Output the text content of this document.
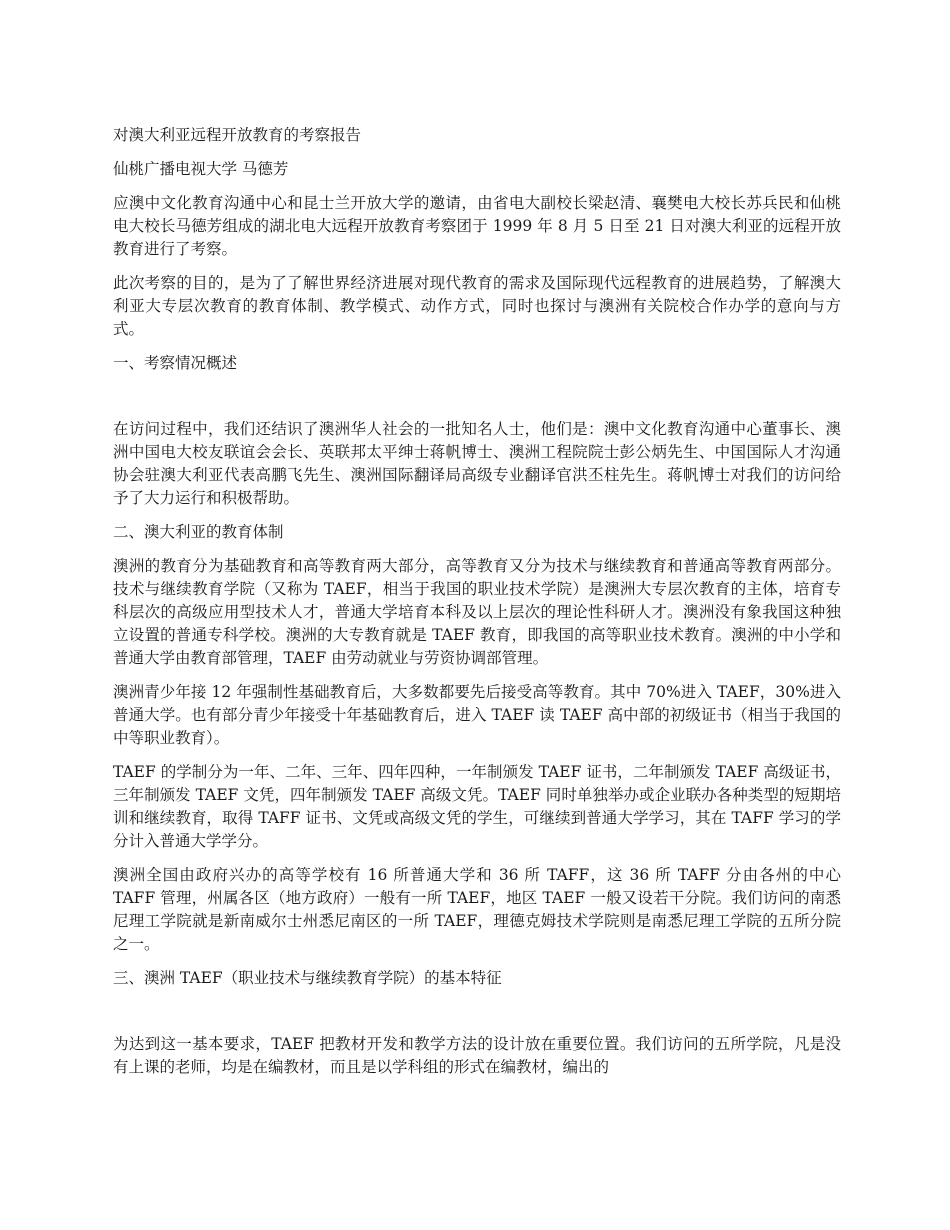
对澳大利亚远程开放教育的考察报告

仙桃广播电视大学 马德芳

应澳中文化教育沟通中心和昆士兰开放大学的邀请，由省电大副校长梁赵清、襄樊电大校长苏兵民和仙桃电大校长马德芳组成的湖北电大远程开放教育考察团于 1999 年 8 月 5 日至 21 日对澳大利亚的远程开放教育进行了考察。

此次考察的目的，是为了了解世界经济进展对现代教育的需求及国际现代远程教育的进展趋势，了解澳大利亚大专层次教育的教育体制、教学模式、动作方式，同时也探讨与澳洲有关院校合作办学的意向与方式。

一、考察情况概述

在访问过程中，我们还结识了澳洲华人社会的一批知名人士，他们是：澳中文化教育沟通中心董事长、澳洲中国电大校友联谊会会长、英联邦太平绅士蒋帆博士、澳洲工程院院士彭公炳先生、中国国际人才沟通协会驻澳大利亚代表高鹏飞先生、澳洲国际翻译局高级专业翻译官洪丕柱先生。蒋帆博士对我们的访问给予了大力运行和积极帮助。

二、澳大利亚的教育体制

澳洲的教育分为基础教育和高等教育两大部分，高等教育又分为技术与继续教育和普通高等教育两部分。技术与继续教育学院（又称为 TAEF，相当于我国的职业技术学院）是澳洲大专层次教育的主体，培育专科层次的高级应用型技术人才，普通大学培育本科及以上层次的理论性科研人才。澳洲没有象我国这种独立设置的普通专科学校。澳洲的大专教育就是 TAEF 教育，即我国的高等职业技术教育。澳洲的中小学和普通大学由教育部管理，TAEF 由劳动就业与劳资协调部管理。

澳洲青少年接 12 年强制性基础教育后，大多数都要先后接受高等教育。其中 70%进入 TAEF，30%进入普通大学。也有部分青少年接受十年基础教育后，进入 TAEF 读 TAEF 高中部的初级证书（相当于我国的中等职业教育）。

TAEF 的学制分为一年、二年、三年、四年四种，一年制颁发 TAEF 证书，二年制颁发 TAEF 高级证书，三年制颁发 TAEF 文凭，四年制颁发 TAEF 高级文凭。TAEF 同时单独举办或企业联办各种类型的短期培训和继续教育，取得 TAFF 证书、文凭或高级文凭的学生，可继续到普通大学学习，其在 TAFF 学习的学分计入普通大学学分。

澳洲全国由政府兴办的高等学校有 16 所普通大学和 36 所 TAFF，这 36 所 TAFF 分由各州的中心 TAFF 管理，州属各区（地方政府）一般有一所 TAEF，地区 TAEF 一般又设若干分院。我们访问的南悉尼理工学院就是新南威尔士州悉尼南区的一所 TAEF，理德克姆技术学院则是南悉尼理工学院的五所分院之一。

三、澳洲 TAEF（职业技术与继续教育学院）的基本特征

为达到这一基本要求，TAEF 把教材开发和教学方法的设计放在重要位置。我们访问的五所学院，凡是没有上课的老师，均是在编教材，而且是以学科组的形式在编教材，编出的
